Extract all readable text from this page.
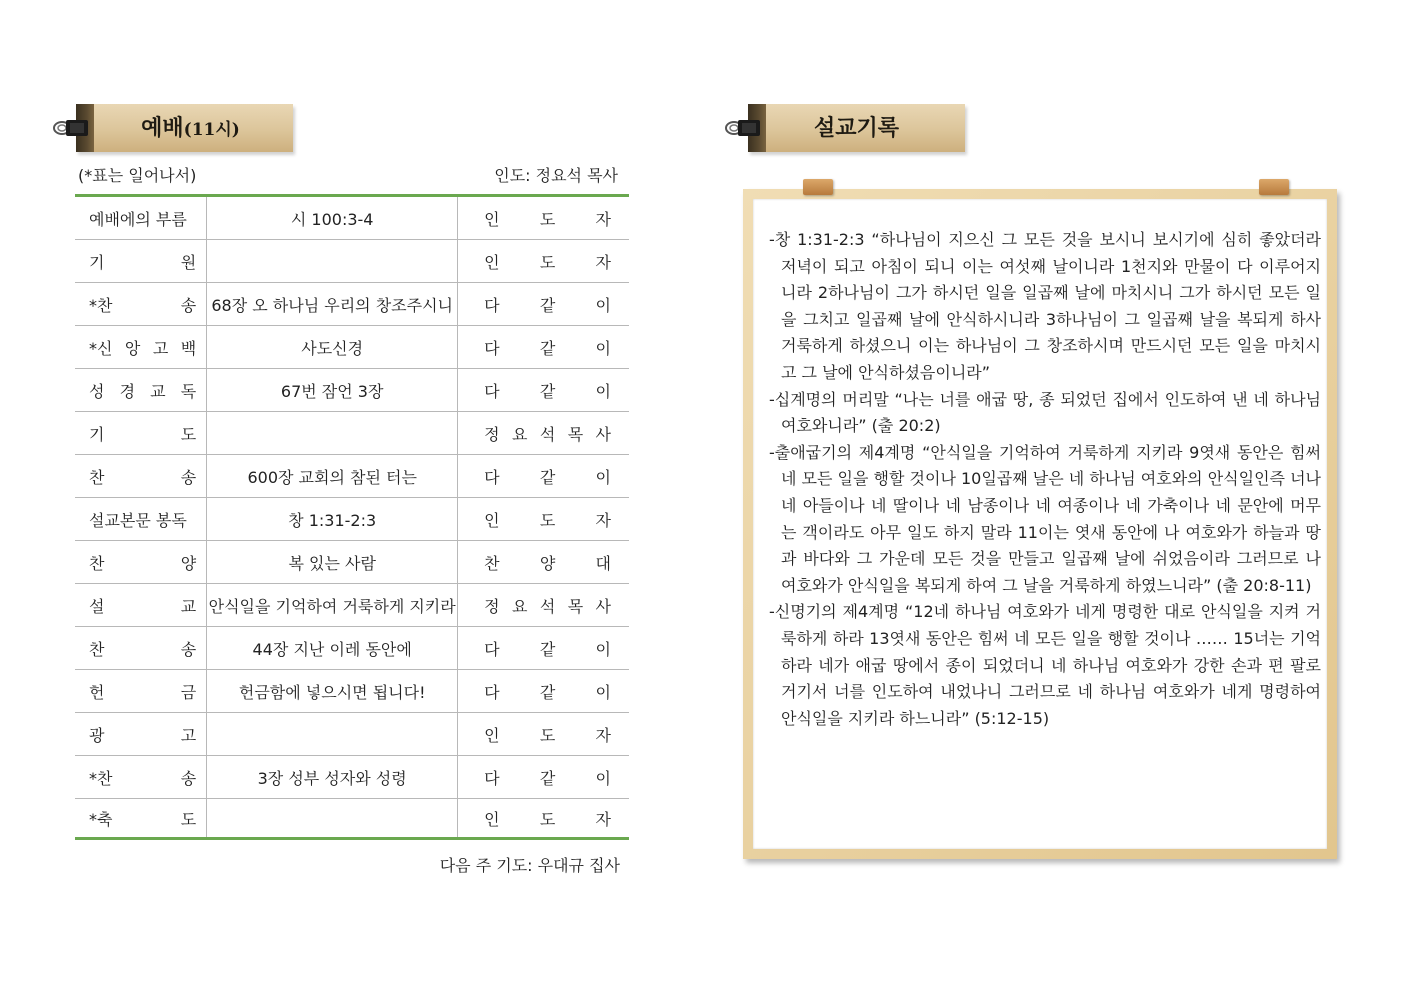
예배(11시)
(*표는 일어나서)	인도: 정요석 목사
예배에의 부름	시 100:3-4	인 도 자

기 원		인 도 자

*찬 송	68장 오 하나님 우리의 창조주시니	다 같 이

*신 앙 고 백	사도신경	다 같 이

성 경 교 독	67번 잠언 3장	다 같 이

기 도		정 요 석 목 사

찬 송	600장 교회의 참된 터는	다 같 이

설교본문 봉독	창 1:31-2:3	인 도 자

찬 양	복 있는 사람	찬 양 대

설 교	안식일을 기억하여 거룩하게 지키라	정 요 석 목 사

찬 송	44장 지난 이레 동안에	다 같 이

헌 금	헌금함에 넣으시면 됩니다!	다 같 이

광 고		인 도 자

*찬 송	3장 성부 성자와 성령	다 같 이

*축 도		인 도 자
다음 주 기도: 우대규 집사
설교기록

-창 1:31-2:3 “하나님이 지으신 그 모든 것을 보시니 보시기에 심히 좋았더라 저녁이 되고 아침이 되니 이는 여섯째 날이니라 1천지와 만물이 다 이루어지니라 2하나님이 그가 하시던 일을 일곱째 날에 마치시니 그가 하시던 모든 일을 그치고 일곱째 날에 안식하시니라 3하나님이 그 일곱째 날을 복되게 하사 거룩하게 하셨으니 이는 하나님이 그 창조하시며 만드시던 모든 일을 마치시고 그 날에 안식하셨음이니라”

-십계명의 머리말 “나는 너를 애굽 땅, 종 되었던 집에서 인도하여 낸 네 하나님 여호와니라” (출 20:2)

-출애굽기의 제4계명 “안식일을 기억하여 거룩하게 지키라 9엿새 동안은 힘써 네 모든 일을 행할 것이나 10일곱째 날은 네 하나님 여호와의 안식일인즉 너나 네 아들이나 네 딸이나 네 남종이나 네 여종이나 네 가축이나 네 문안에 머무는 객이라도 아무 일도 하지 말라 11이는 엿새 동안에 나 여호와가 하늘과 땅과 바다와 그 가운데 모든 것을 만들고 일곱째 날에 쉬었음이라 그러므로 나 여호와가 안식일을 복되게 하여 그 날을 거룩하게 하였느니라” (출 20:8-11)

-신명기의 제4계명 “12네 하나님 여호와가 네게 명령한 대로 안식일을 지켜 거룩하게 하라 13엿새 동안은 힘써 네 모든 일을 행할 것이나 …… 15너는 기억하라 네가 애굽 땅에서 종이 되었더니 네 하나님 여호와가 강한 손과 편 팔로 거기서 너를 인도하여 내었나니 그러므로 네 하나님 여호와가 네게 명령하여 안식일을 지키라 하느니라” (5:12-15)
